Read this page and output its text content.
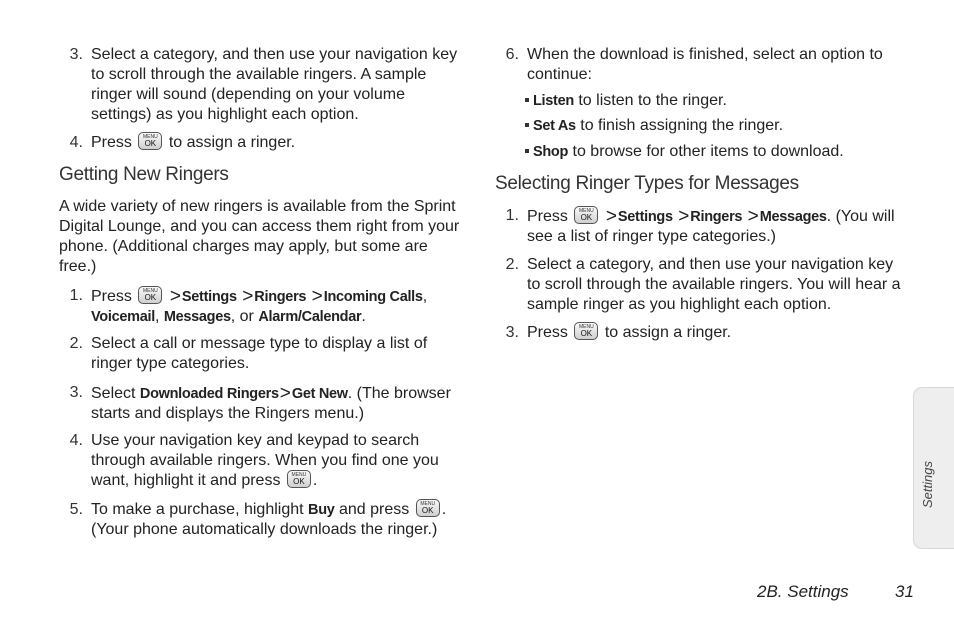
3. Select a category, and then use your navigation key to scroll through the available ringers. A sample ringer will sound (depending on your volume settings) as you highlight each option.
4. Press	MENU
OK to assign a ringer.
Getting New Ringers
A wide variety of new ringers is available from the Sprint Digital Lounge, and you can access them right from your phone. (Additional charges may apply, but some are free.)
1. Press	MENU
OK >Settings >Ringers >Incoming Calls, Voicemail, Messages, or Alarm/Calendar.
2. Select a call or message type to display a list of ringer type categories.
3. Select Downloaded Ringers>Get New. (The browser starts and displays the Ringers menu.)
4. Use your navigation key and keypad to search through available ringers. When you find one you want, highlight it and press	MENU
OK .
5. To make a purchase, highlight Buy and press	MENU
OK . (Your phone automatically downloads the ringer.)
6. When the download is finished, select an option to continue:
Listen to listen to the ringer.
Set As to finish assigning the ringer.
Shop to browse for other items to download.
Selecting Ringer Types for Messages
1. Press	MENU
OK >Settings >Ringers >Messages. (You will see a list of ringer type categories.)
2. Select a category, and then use your navigation key to scroll through the available ringers. You will hear a sample ringer as you highlight each option.
3. Press	MENU
OK to assign a ringer.
Settings
2B. Settings	31
